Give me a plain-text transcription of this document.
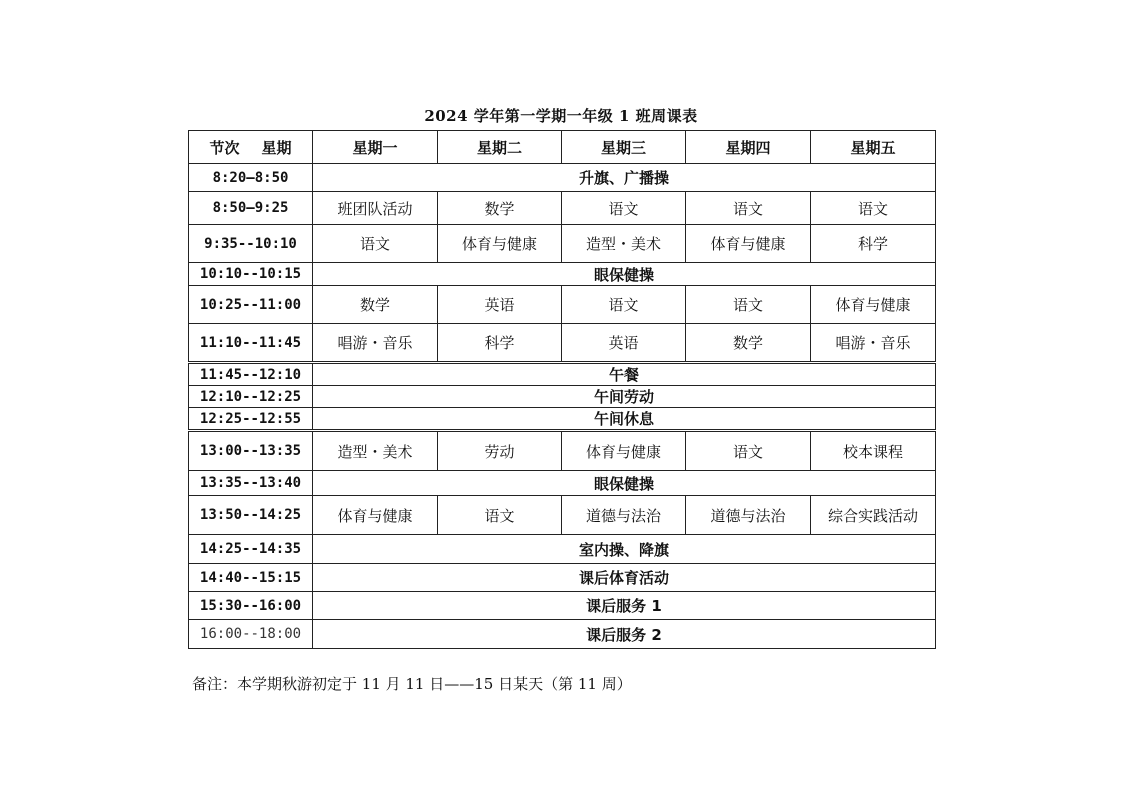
2024 学年第一学期一年级 1 班周课表
节次 星期	星期一	星期二	星期三	星期四	星期五
8:20—8:50	升旗、广播操				
8:50—9:25	班团队活动	数学	语文	语文	语文
9:35--10:10	语文	体育与健康	造型・美术	体育与健康	科学
10:10--10:15	眼保健操				
10:25--11:00	数学	英语	语文	语文	体育与健康
11:10--11:45	唱游・音乐	科学	英语	数学	唱游・音乐
11:45--12:10	午餐				
12:10--12:25	午间劳动				
12:25--12:55	午间休息				
13:00--13:35	造型・美术	劳动	体育与健康	语文	校本课程
13:35--13:40	眼保健操				
13:50--14:25	体育与健康	语文	道德与法治	道德与法治	综合实践活动
14:25--14:35	室内操、降旗				
14:40--15:15	课后体育活动				
15:30--16:00	课后服务 1				
16:00--18:00	课后服务 2				
备注：本学期秋游初定于 11 月 11 日——15 日某天（第 11 周）
